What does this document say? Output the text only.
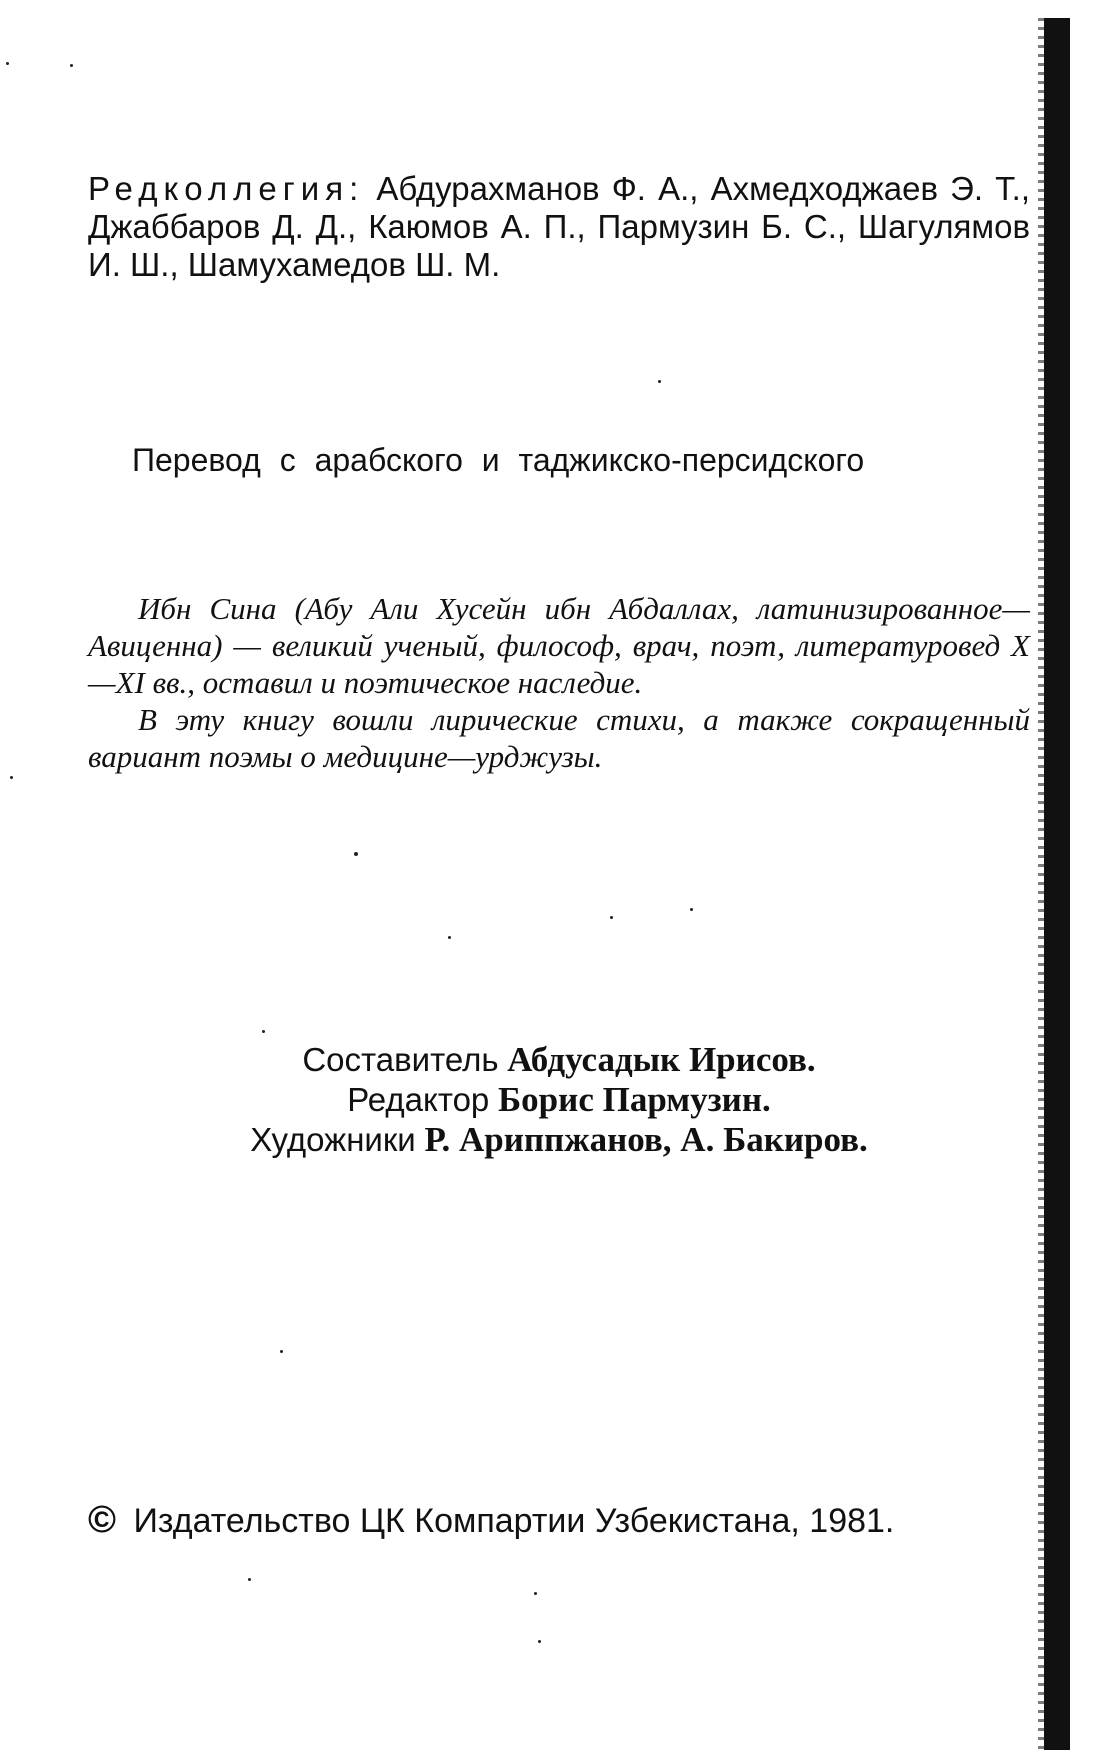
Редколлегия: Абдурахманов Ф. А., Ахмедходжаев Э. Т., Джаббаров Д. Д., Каюмов А. П., Пармузин Б. С., Шагулямов И. Ш., Шамухамедов Ш. М.
Перевод с арабского и таджикско-персидского

Ибн Сина (Абу Али Хусейн ибн Абдаллах, латинизированное—Авиценна) — великий ученый, философ, врач, поэт, литературовед X—XI вв., оставил и поэтическое наследие.

В эту книгу вошли лирические стихи, а также сокращенный вариант поэмы о медицине—урджузы.

Составитель Абдусадык Ирисов.
Редактор Борис Пармузин.
Художники Р. Ариппжанов, А. Бакиров.
© Издательство ЦК Компартии Узбекистана, 1981.
